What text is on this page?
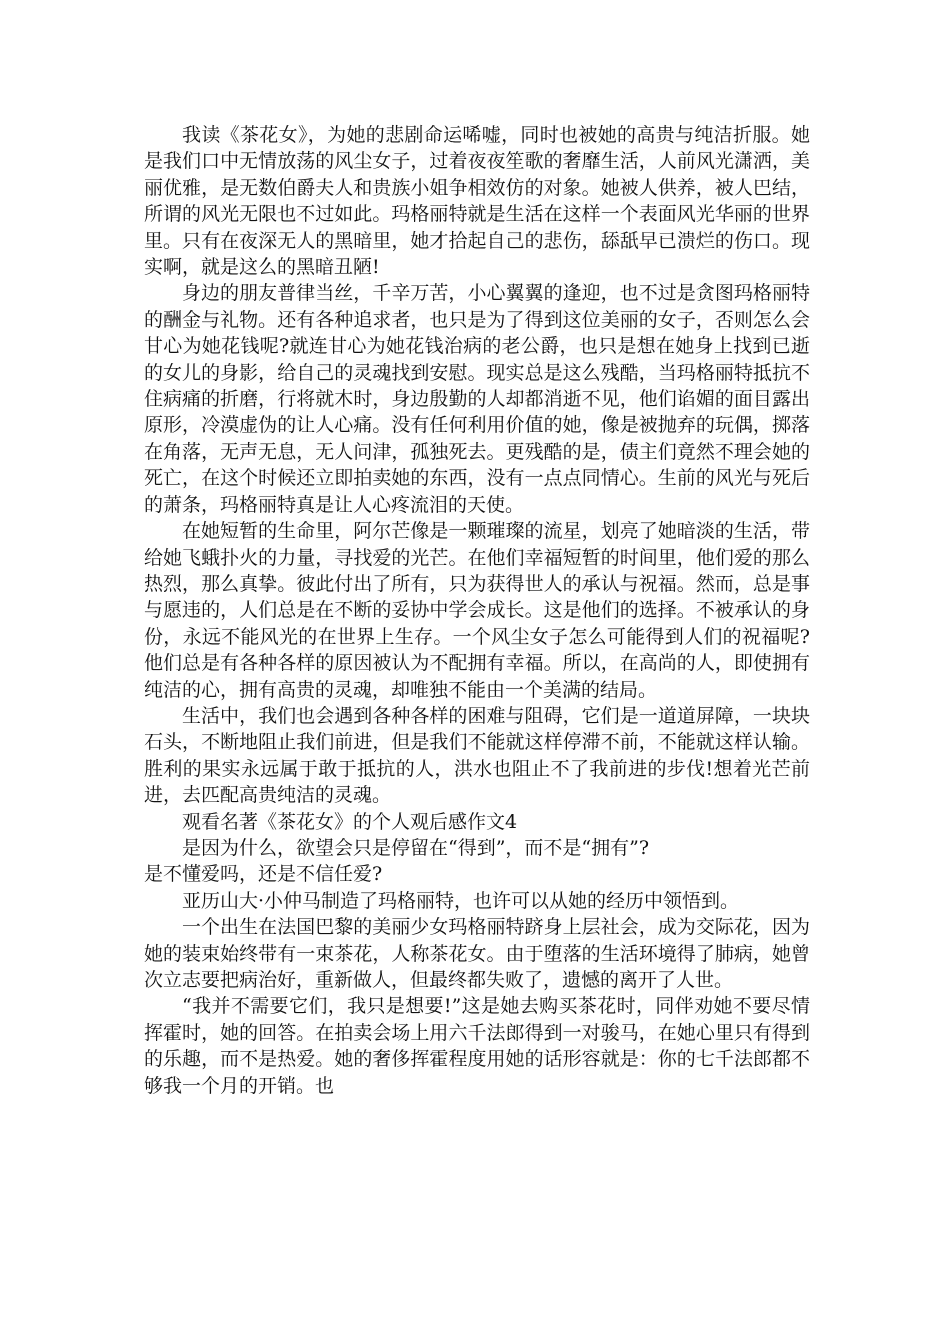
我读《茶花女》，为她的悲剧命运唏嘘，同时也被她的高贵与纯洁折服。她是我们口中无情放荡的风尘女子，过着夜夜笙歌的奢靡生活，人前风光潇洒，美丽优雅，是无数伯爵夫人和贵族小姐争相效仿的对象。她被人供养，被人巴结，所谓的风光无限也不过如此。玛格丽特就是生活在这样一个表面风光华丽的世界里。只有在夜深无人的黑暗里，她才拾起自己的悲伤，舔舐早已溃烂的伤口。现实啊，就是这么的黑暗丑陋!

身边的朋友普律当丝，千辛万苦，小心翼翼的逢迎，也不过是贪图玛格丽特的酬金与礼物。还有各种追求者，也只是为了得到这位美丽的女子，否则怎么会甘心为她花钱呢?就连甘心为她花钱治病的老公爵，也只是想在她身上找到已逝的女儿的身影，给自己的灵魂找到安慰。现实总是这么残酷，当玛格丽特抵抗不住病痛的折磨，行将就木时，身边殷勤的人却都消逝不见，他们谄媚的面目露出原形，冷漠虚伪的让人心痛。没有任何利用价值的她，像是被抛弃的玩偶，掷落在角落，无声无息，无人问津，孤独死去。更残酷的是，债主们竟然不理会她的死亡，在这个时候还立即拍卖她的东西，没有一点点同情心。生前的风光与死后的萧条，玛格丽特真是让人心疼流泪的天使。

在她短暂的生命里，阿尔芒像是一颗璀璨的流星，划亮了她暗淡的生活，带给她飞蛾扑火的力量，寻找爱的光芒。在他们幸福短暂的时间里，他们爱的那么热烈，那么真挚。彼此付出了所有，只为获得世人的承认与祝福。然而，总是事与愿违的，人们总是在不断的妥协中学会成长。这是他们的选择。不被承认的身份，永远不能风光的在世界上生存。一个风尘女子怎么可能得到人们的祝福呢?他们总是有各种各样的原因被认为不配拥有幸福。所以，在高尚的人，即使拥有纯洁的心，拥有高贵的灵魂，却唯独不能由一个美满的结局。

生活中，我们也会遇到各种各样的困难与阻碍，它们是一道道屏障，一块块石头，不断地阻止我们前进，但是我们不能就这样停滞不前，不能就这样认输。胜利的果实永远属于敢于抵抗的人，洪水也阻止不了我前进的步伐!想着光芒前进，去匹配高贵纯洁的灵魂。

观看名著《茶花女》的个人观后感作文4

是因为什么，欲望会只是停留在“得到”，而不是“拥有”?

是不懂爱吗，还是不信任爱?

亚历山大·小仲马制造了玛格丽特，也许可以从她的经历中领悟到。

一个出生在法国巴黎的美丽少女玛格丽特跻身上层社会，成为交际花，因为她的装束始终带有一束茶花，人称茶花女。由于堕落的生活环境得了肺病，她曾次立志要把病治好，重新做人，但最终都失败了，遗憾的离开了人世。

“我并不需要它们，我只是想要!”这是她去购买茶花时，同伴劝她不要尽情挥霍时，她的回答。在拍卖会场上用六千法郎得到一对骏马，在她心里只有得到的乐趣，而不是热爱。她的奢侈挥霍程度用她的话形容就是：你的七千法郎都不够我一个月的开销。也
